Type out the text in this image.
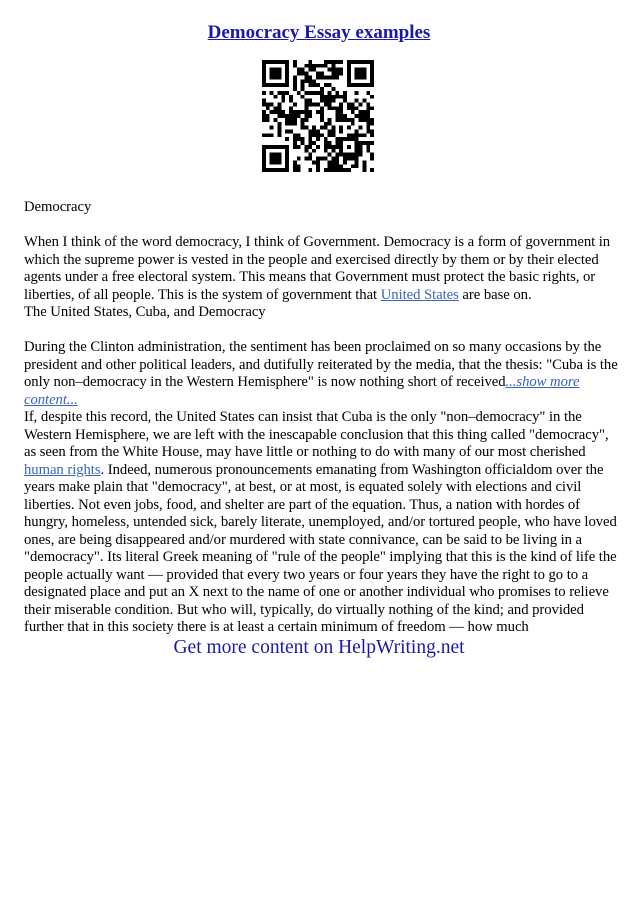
Democracy Essay examples

Democracy

When I think of the word democracy, I think of Government. Democracy is a form of government in which the supreme power is vested in the people and exercised directly by them or by their elected agents under a free electoral system. This means that Government must protect the basic rights, or liberties, of all people. This is the system of government that United States are base on.

The United States, Cuba, and Democracy

During the Clinton administration, the sentiment has been proclaimed on so many occasions by the president and other political leaders, and dutifully reiterated by the media, that the thesis: "Cuba is the only non–democracy in the Western Hemisphere" is now nothing short of received...show more content...

If, despite this record, the United States can insist that Cuba is the only "non–democracy" in the Western Hemisphere, we are left with the inescapable conclusion that this thing called "democracy", as seen from the White House, may have little or nothing to do with many of our most cherished human rights. Indeed, numerous pronouncements emanating from Washington officialdom over the years make plain that "democracy", at best, or at most, is equated solely with elections and civil liberties. Not even jobs, food, and shelter are part of the equation. Thus, a nation with hordes of hungry, homeless, untended sick, barely literate, unemployed, and/or tortured people, who have loved ones, are being disappeared and/or murdered with state connivance, can be said to be living in a "democracy". Its literal Greek meaning of "rule of the people" implying that this is the kind of life the people actually want — provided that every two years or four years they have the right to go to a designated place and put an X next to the name of one or another individual who promises to relieve their miserable condition. But who will, typically, do virtually nothing of the kind; and provided further that in this society there is at least a certain minimum of freedom — how much

Get more content on HelpWriting.net
